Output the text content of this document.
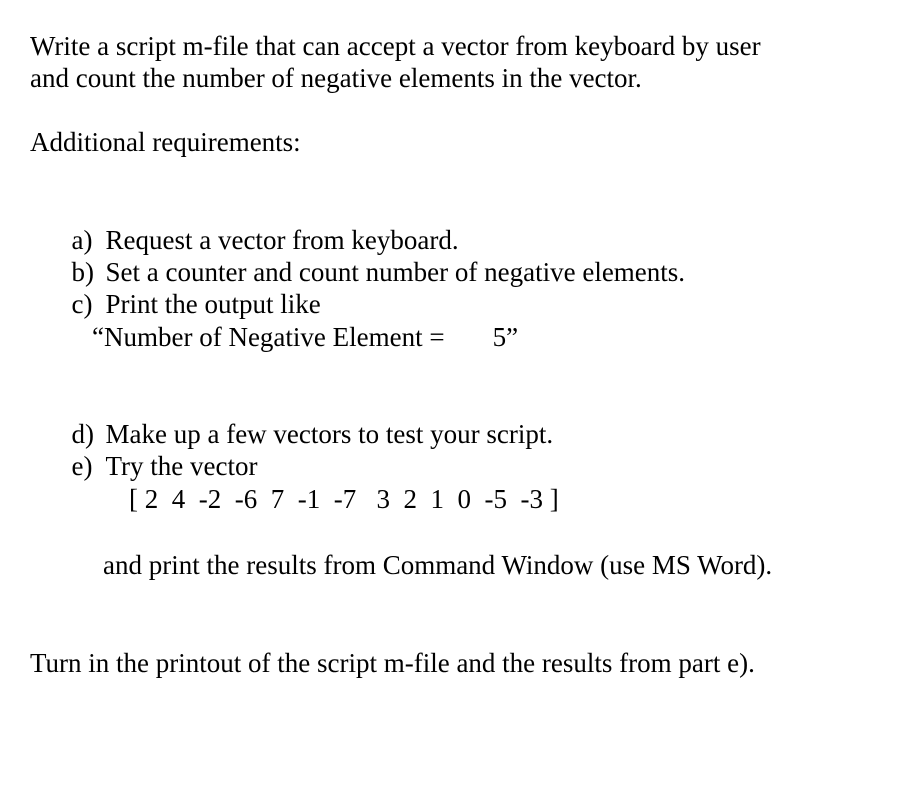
Write a script m-file that can accept a vector from keyboard by user

and count the number of negative elements in the vector.

Additional requirements:

a) Request a vector from keyboard.

b) Set a counter and count number of negative elements.

c) Print the output like

“Number of Negative Element = 5”

d) Make up a few vectors to test your script.

e) Try the vector

[ 2  4  -2  -6  7  -1  -7   3  2  1  0  -5  -3 ]

and print the results from Command Window (use MS Word).

Turn in the printout of the script m-file and the results from part e).
